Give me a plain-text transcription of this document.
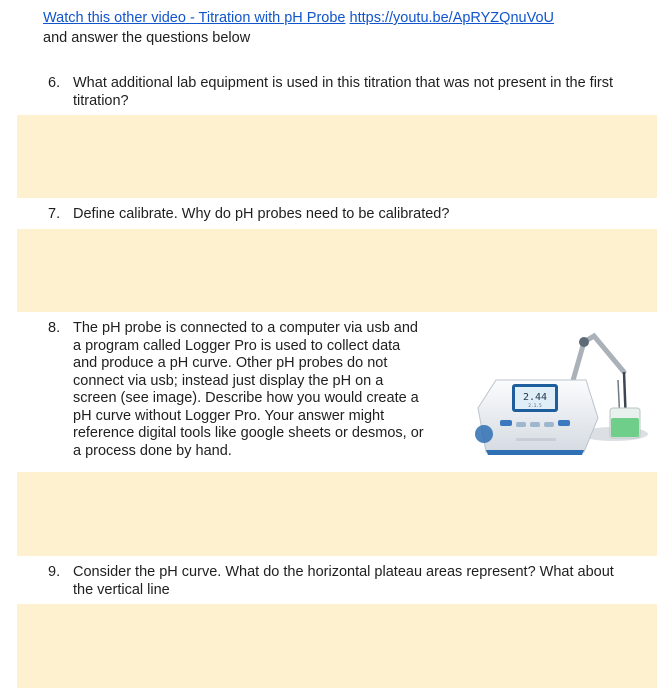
Watch this other video - Titration with pH Probe https://youtu.be/ApRYZQnuVoU
and answer the questions below
6. What additional lab equipment is used in this titration that was not present in the first
titration?
7. Define calibrate. Why do pH probes need to be calibrated?
8. The pH probe is connected to a computer via usb and
a program called Logger Pro is used to collect data
and produce a pH curve. Other pH probes do not
connect via usb; instead just display the pH on a
screen (see image). Describe how you would create a
pH curve without Logger Pro. Your answer might
reference digital tools like google sheets or desmos, or
a process done by hand.
2.44
2.1.5
9. Consider the pH curve. What do the horizontal plateau areas represent? What about
the vertical line
